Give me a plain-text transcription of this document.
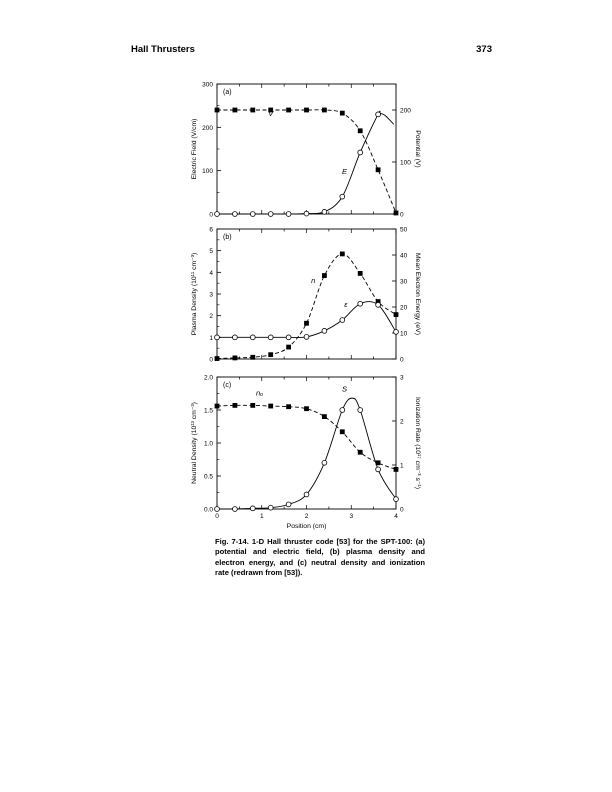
Hall Thrusters	373
0
100
200
300
0
100
200
(a)
Electric Field (V/cm)	Potential (V)
V
E
0
1
2
3
4
5
6
0
10
20
30
40
50
(b)
Plasma Density (10¹¹ cm⁻³)	Mean Electron Energy (eV)
n
ε
0.0
0.5
1.0
1.5
2.0
0
1
2
3
0	1	2	3	4
Position (cm)
(c)
Neutral Density (10¹³ cm⁻³)	Ionization Rate (10¹⁷ cm⁻³ s⁻¹)
nₒ	S
Fig. 7-14. 1-D Hall thruster code [53] for the SPT-100: (a) potential and electric field, (b) plasma density and electron energy, and (c) neutral density and ionization rate (redrawn from [53]).
